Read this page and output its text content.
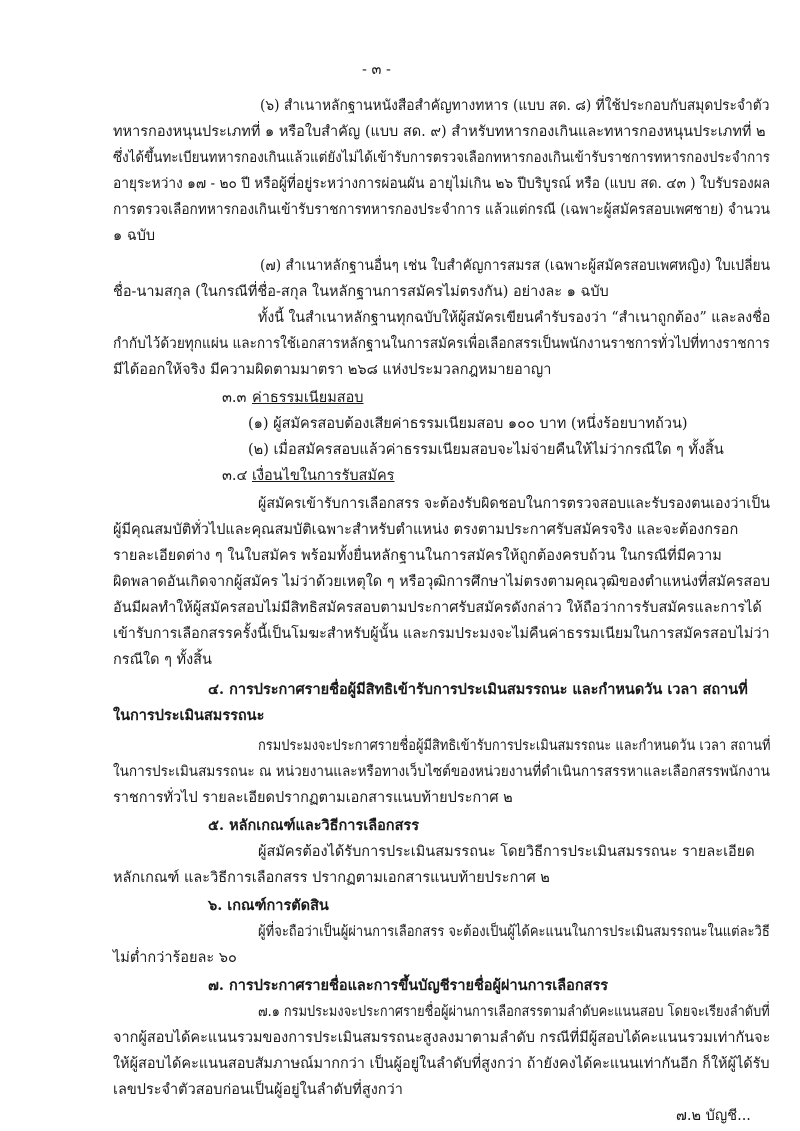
- ๓ -
(๖) สำเนาหลักฐานหนังสือสำคัญทางทหาร (แบบ สด. ๘) ที่ใช้ประกอบกับสมุดประจำตัว
ทหารกองหนุนประเภทที่ ๑ หรือใบสำคัญ (แบบ สด. ๙) สำหรับทหารกองเกินและทหารกองหนุนประเภทที่ ๒
ซึ่งได้ขึ้นทะเบียนทหารกองเกินแล้วแต่ยังไม่ได้เข้ารับการตรวจเลือกทหารกองเกินเข้ารับราชการทหารกองประจำการ
อายุระหว่าง ๑๗ - ๒๐ ปี หรือผู้ที่อยู่ระหว่างการผ่อนผัน อายุไม่เกิน ๒๖ ปีบริบูรณ์ หรือ (แบบ สด. ๔๓ ) ใบรับรองผล
การตรวจเลือกทหารกองเกินเข้ารับราชการทหารกองประจำการ แล้วแต่กรณี (เฉพาะผู้สมัครสอบเพศชาย) จำนวน
๑ ฉบับ
(๗) สำเนาหลักฐานอื่นๆ เช่น ใบสำคัญการสมรส (เฉพาะผู้สมัครสอบเพศหญิง) ใบเปลี่ยน
ชื่อ-นามสกุล (ในกรณีที่ชื่อ-สกุล ในหลักฐานการสมัครไม่ตรงกัน) อย่างละ ๑ ฉบับ
ทั้งนี้ ในสำเนาหลักฐานทุกฉบับให้ผู้สมัครเขียนคำรับรองว่า “สำเนาถูกต้อง” และลงชื่อ
กำกับไว้ด้วยทุกแผ่น และการใช้เอกสารหลักฐานในการสมัครเพื่อเลือกสรรเป็นพนักงานราชการทั่วไปที่ทางราชการ
มีได้ออกให้จริง มีความผิดตามมาตรา ๒๖๘ แห่งประมวลกฎหมายอาญา
๓.๓ ค่าธรรมเนียมสอบ
(๑) ผู้สมัครสอบต้องเสียค่าธรรมเนียมสอบ ๑๐๐ บาท (หนึ่งร้อยบาทถ้วน)
(๒) เมื่อสมัครสอบแล้วค่าธรรมเนียมสอบจะไม่จ่ายคืนให้ไม่ว่ากรณีใด ๆ ทั้งสิ้น
๓.๔ เงื่อนไขในการรับสมัคร
ผู้สมัครเข้ารับการเลือกสรร จะต้องรับผิดชอบในการตรวจสอบและรับรองตนเองว่าเป็น
ผู้มีคุณสมบัติทั่วไปและคุณสมบัติเฉพาะสำหรับตำแหน่ง ตรงตามประกาศรับสมัครจริง และจะต้องกรอก
รายละเอียดต่าง ๆ ในใบสมัคร พร้อมทั้งยื่นหลักฐานในการสมัครให้ถูกต้องครบถ้วน ในกรณีที่มีความ
ผิดพลาดอันเกิดจากผู้สมัคร ไม่ว่าด้วยเหตุใด ๆ หรือวุฒิการศึกษาไม่ตรงตามคุณวุฒิของตำแหน่งที่สมัครสอบ
อันมีผลทำให้ผู้สมัครสอบไม่มีสิทธิสมัครสอบตามประกาศรับสมัครดังกล่าว ให้ถือว่าการรับสมัครและการได้
เข้ารับการเลือกสรรครั้งนี้เป็นโมฆะสำหรับผู้นั้น และกรมประมงจะไม่คืนค่าธรรมเนียมในการสมัครสอบไม่ว่า
กรณีใด ๆ ทั้งสิ้น
๔. การประกาศรายชื่อผู้มีสิทธิเข้ารับการประเมินสมรรถนะ และกำหนดวัน เวลา สถานที่
ในการประเมินสมรรถนะ
กรมประมงจะประกาศรายชื่อผู้มีสิทธิเข้ารับการประเมินสมรรถนะ และกำหนดวัน เวลา สถานที่
ในการประเมินสมรรถนะ ณ หน่วยงานและหรือทางเว็บไซต์ของหน่วยงานที่ดำเนินการสรรหาและเลือกสรรพนักงาน
ราชการทั่วไป รายละเอียดปรากฏตามเอกสารแนบท้ายประกาศ ๒
๕. หลักเกณฑ์และวิธีการเลือกสรร
ผู้สมัครต้องได้รับการประเมินสมรรถนะ โดยวิธีการประเมินสมรรถนะ รายละเอียด
หลักเกณฑ์ และวิธีการเลือกสรร ปรากฏตามเอกสารแนบท้ายประกาศ ๒
๖. เกณฑ์การตัดสิน
ผู้ที่จะถือว่าเป็นผู้ผ่านการเลือกสรร จะต้องเป็นผู้ได้คะแนนในการประเมินสมรรถนะในแต่ละวิธี
ไม่ต่ำกว่าร้อยละ ๖๐
๗. การประกาศรายชื่อและการขึ้นบัญชีรายชื่อผู้ผ่านการเลือกสรร
๗.๑ กรมประมงจะประกาศรายชื่อผู้ผ่านการเลือกสรรตามลำดับคะแนนสอบ โดยจะเรียงลำดับที่
จากผู้สอบได้คะแนนรวมของการประเมินสมรรถนะสูงลงมาตามลำดับ กรณีที่มีผู้สอบได้คะแนนรวมเท่ากันจะ
ให้ผู้สอบได้คะแนนสอบสัมภาษณ์มากกว่า เป็นผู้อยู่ในลำดับที่สูงกว่า ถ้ายังคงได้คะแนนเท่ากันอีก ก็ให้ผู้ได้รับ
เลขประจำตัวสอบก่อนเป็นผู้อยู่ในลำดับที่สูงกว่า
๗.๒ บัญชี...
